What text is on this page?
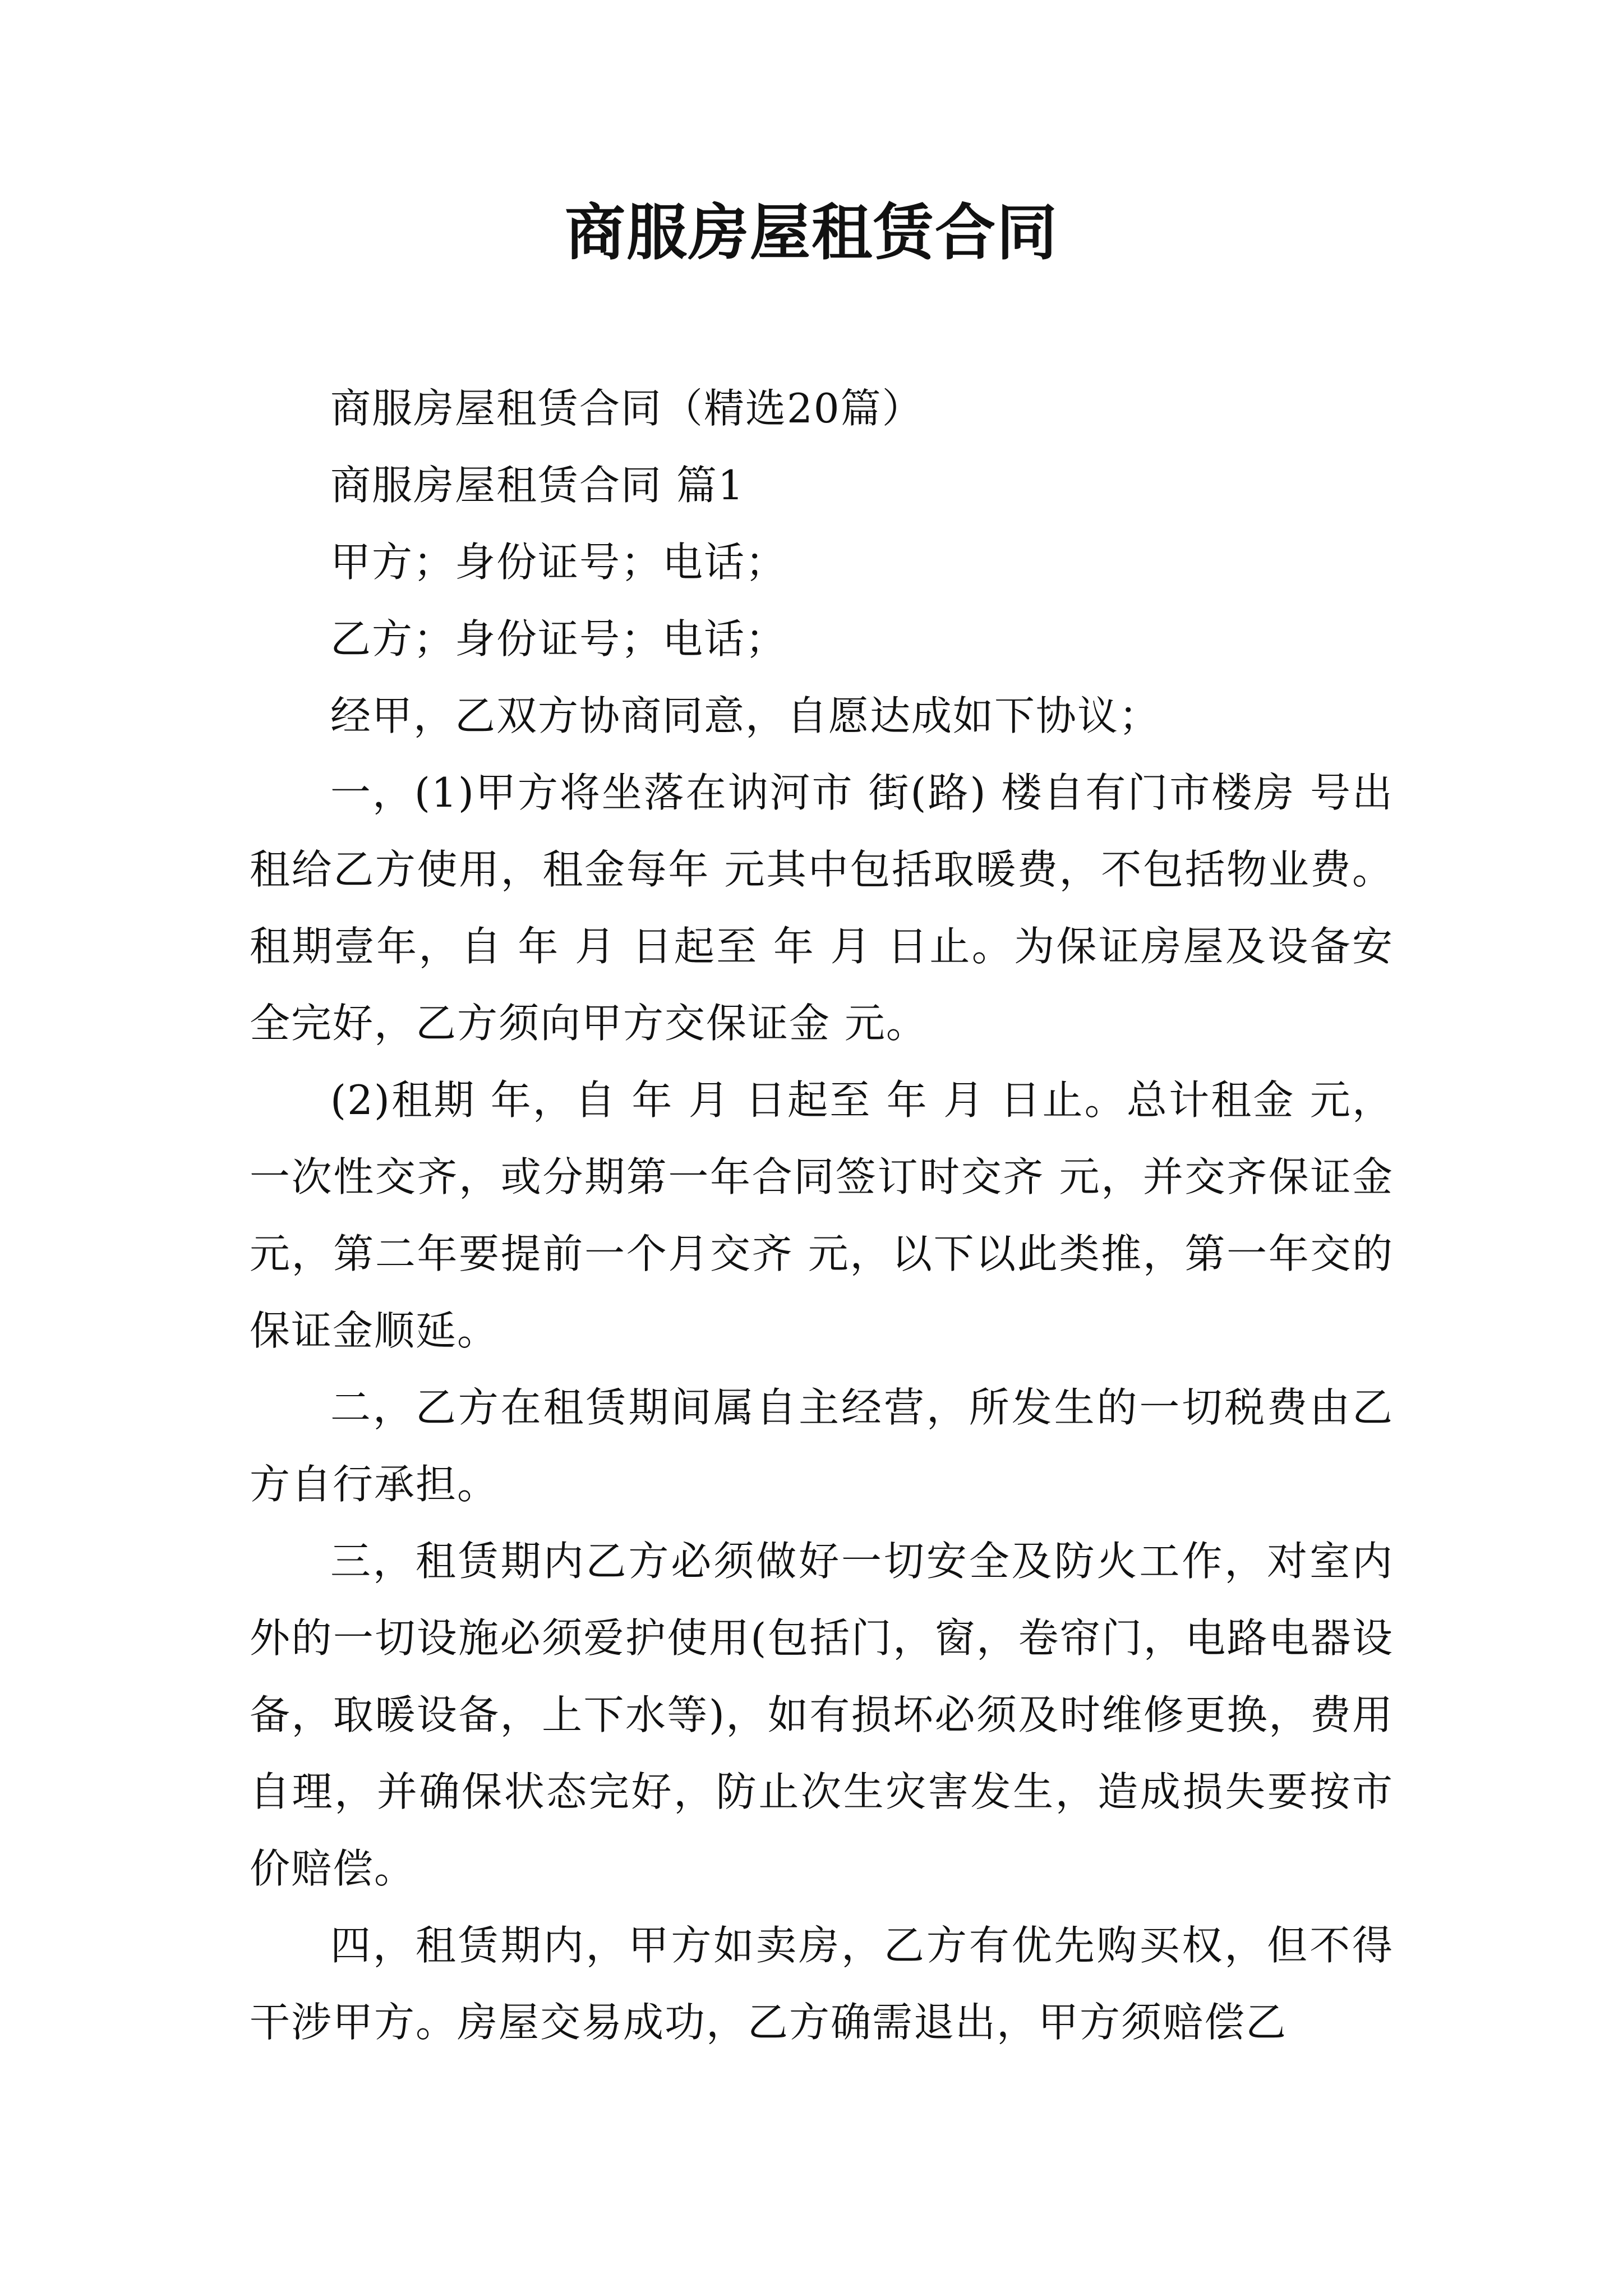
商服房屋租赁合同

商服房屋租赁合同（精选20篇）

商服房屋租赁合同 篇1

甲方；身份证号；电话；

乙方；身份证号；电话；

经甲，乙双方协商同意，自愿达成如下协议；

一，(1)甲方将坐落在讷河市 街(路) 楼自有门市楼房 号出租给乙方使用，租金每年 元其中包括取暖费，不包括物业费。租期壹年，自 年 月 日起至 年 月 日止。为保证房屋及设备安全完好，乙方须向甲方交保证金 元。

(2)租期 年，自 年 月 日起至 年 月 日止。总计租金 元，一次性交齐，或分期第一年合同签订时交齐 元，并交齐保证金 元，第二年要提前一个月交齐 元，以下以此类推，第一年交的保证金顺延。

二，乙方在租赁期间属自主经营，所发生的一切税费由乙方自行承担。

三，租赁期内乙方必须做好一切安全及防火工作，对室内外的一切设施必须爱护使用(包括门，窗，卷帘门，电路电器设备，取暖设备，上下水等)，如有损坏必须及时维修更换，费用自理，并确保状态完好，防止次生灾害发生，造成损失要按市价赔偿。

四，租赁期内，甲方如卖房，乙方有优先购买权，但不得干涉甲方。房屋交易成功，乙方确需退出，甲方须赔偿乙
